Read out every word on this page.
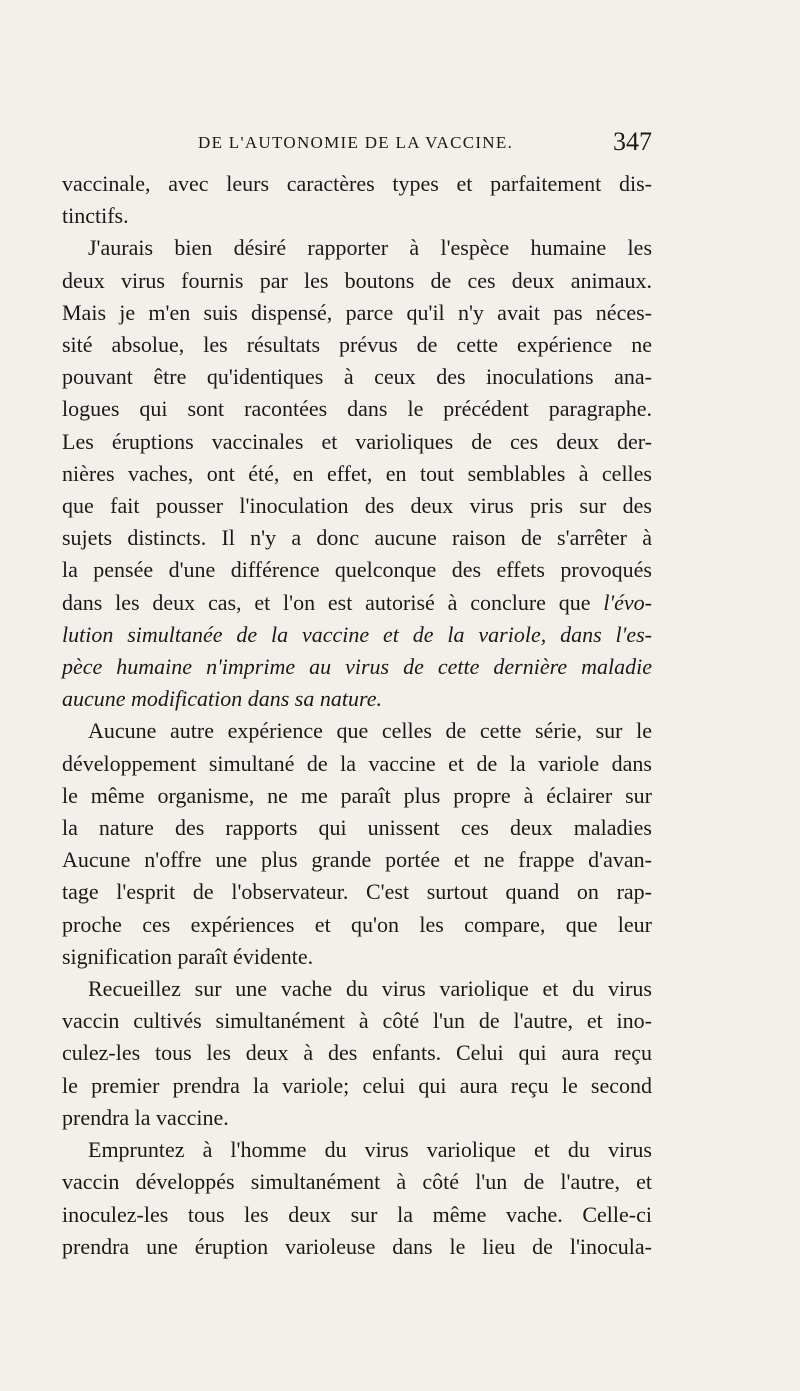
DE L'AUTONOMIE DE LA VACCINE.	347
vaccinale, avec leurs caractères types et parfaitement dis-
tinctifs.
J'aurais bien désiré rapporter à l'espèce humaine les
deux virus fournis par les boutons de ces deux animaux.
Mais je m'en suis dispensé, parce qu'il n'y avait pas néces-
sité absolue, les résultats prévus de cette expérience ne
pouvant être qu'identiques à ceux des inoculations ana-
logues qui sont racontées dans le précédent paragraphe.
Les éruptions vaccinales et varioliques de ces deux der-
nières vaches, ont été, en effet, en tout semblables à celles
que fait pousser l'inoculation des deux virus pris sur des
sujets distincts. Il n'y a donc aucune raison de s'arrêter à
la pensée d'une différence quelconque des effets provoqués
dans les deux cas, et l'on est autorisé à conclure que l'évo-
lution simultanée de la vaccine et de la variole, dans l'es-
pèce humaine n'imprime au virus de cette dernière maladie
aucune modification dans sa nature.
Aucune autre expérience que celles de cette série, sur le
développement simultané de la vaccine et de la variole dans
le même organisme, ne me paraît plus propre à éclairer sur
la nature des rapports qui unissent ces deux maladies
Aucune n'offre une plus grande portée et ne frappe d'avan-
tage l'esprit de l'observateur. C'est surtout quand on rap-
proche ces expériences et qu'on les compare, que leur
signification paraît évidente.
Recueillez sur une vache du virus variolique et du virus
vaccin cultivés simultanément à côté l'un de l'autre, et ino-
culez-les tous les deux à des enfants. Celui qui aura reçu
le premier prendra la variole; celui qui aura reçu le second
prendra la vaccine.
Empruntez à l'homme du virus variolique et du virus
vaccin développés simultanément à côté l'un de l'autre, et
inoculez-les tous les deux sur la même vache. Celle-ci
prendra une éruption varioleuse dans le lieu de l'inocula-
